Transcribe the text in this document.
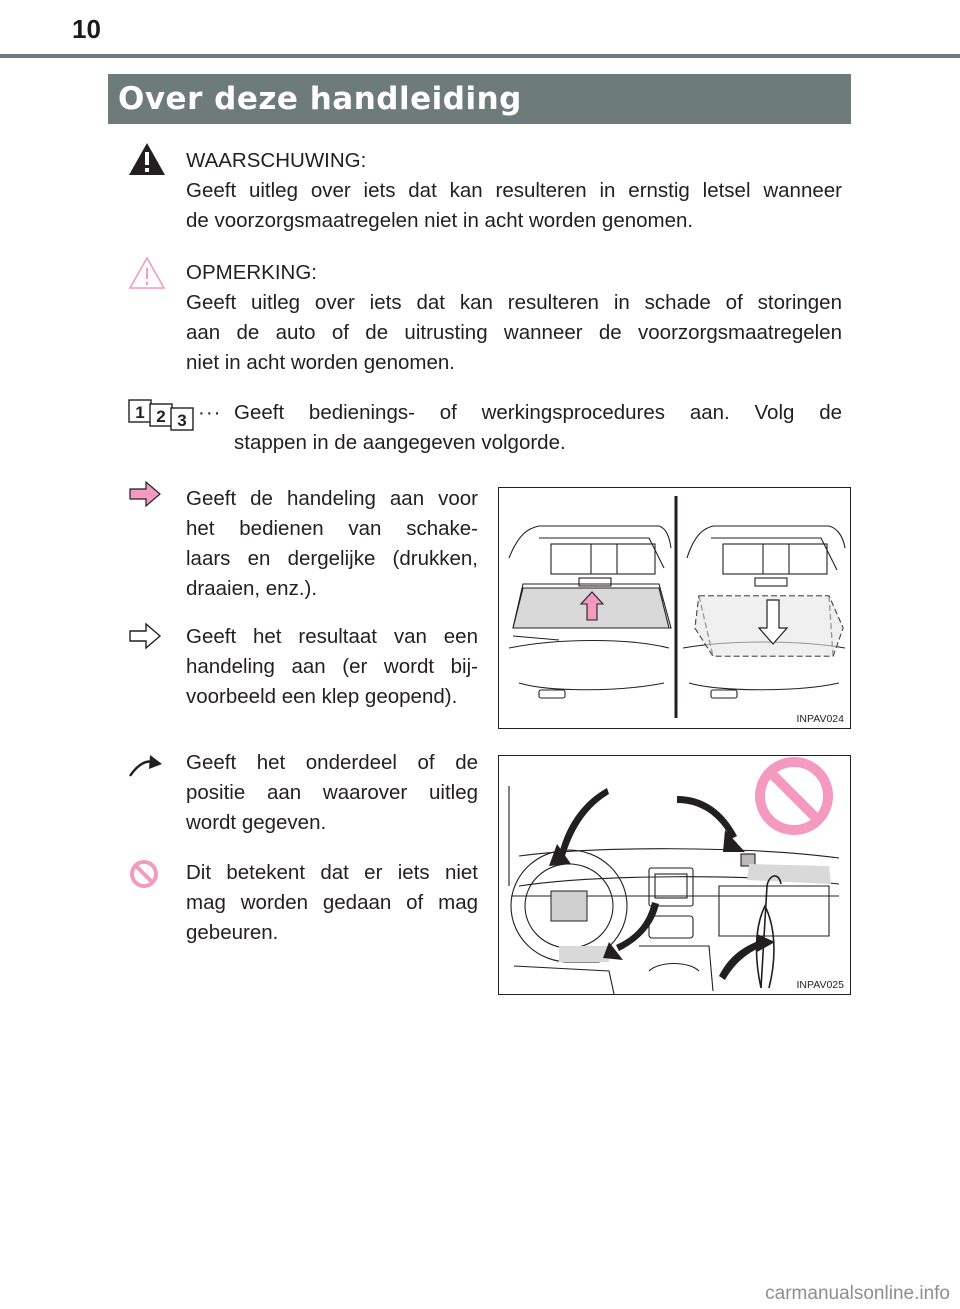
10
Over deze handleiding
WAARSCHUWING:
Geeft uitleg over iets dat kan resulteren in ernstig letsel wanneer
de voorzorgsmaatregelen niet in acht worden genomen.
OPMERKING:
Geeft uitleg over iets dat kan resulteren in schade of storingen
aan de auto of de uitrusting wanneer de voorzorgsmaatregelen
niet in acht worden genomen.
1 2 3 ··· Geeft bedienings- of werkingsprocedures aan. Volg de
stappen in de aangegeven volgorde.
Geeft de handeling aan voor
het bedienen van schake-
laars en dergelijke (drukken,
draaien, enz.).
Geeft het resultaat van een
handeling aan (er wordt bij-
voorbeeld een klep geopend).
Geeft het onderdeel of de
positie aan waarover uitleg
wordt gegeven.
Dit betekent dat er iets niet
mag worden gedaan of mag
gebeuren.
INPAV024
INPAV025
carmanualsonline.info
